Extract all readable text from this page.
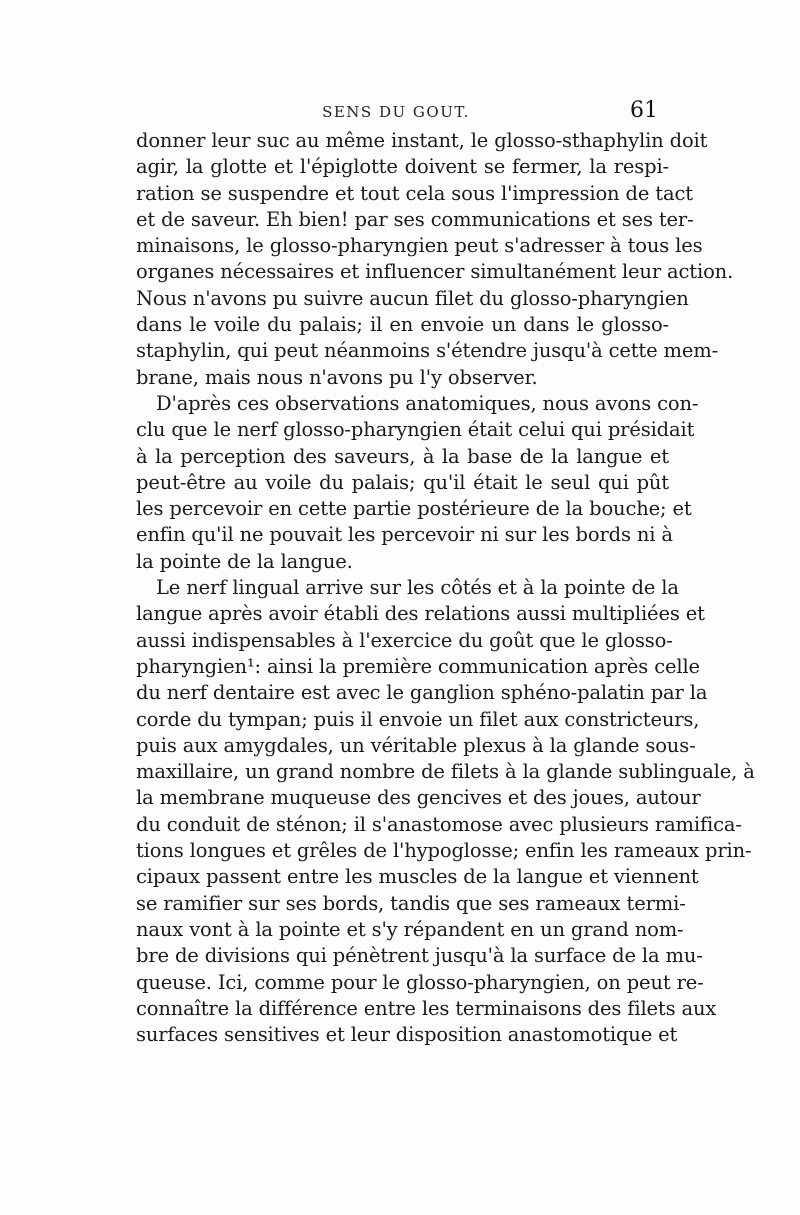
SENS DU GOUT.	61
donner leur suc au même instant, le glosso-sthaphylin doit
agir, la glotte et l'épiglotte doivent se fermer, la respi-
ration se suspendre et tout cela sous l'impression de tact
et de saveur. Eh bien! par ses communications et ses ter-
minaisons, le glosso-pharyngien peut s'adresser à tous les
organes nécessaires et influencer simultanément leur action.
Nous n'avons pu suivre aucun filet du glosso-pharyngien
dans le voile du palais; il en envoie un dans le glosso-
staphylin, qui peut néanmoins s'étendre jusqu'à cette mem-
brane, mais nous n'avons pu l'y observer.
D'après ces observations anatomiques, nous avons con-
clu que le nerf glosso-pharyngien était celui qui présidait
à la perception des saveurs, à la base de la langue et
peut-être au voile du palais; qu'il était le seul qui pût
les percevoir en cette partie postérieure de la bouche; et
enfin qu'il ne pouvait les percevoir ni sur les bords ni à
la pointe de la langue.
Le nerf lingual arrive sur les côtés et à la pointe de la
langue après avoir établi des relations aussi multipliées et
aussi indispensables à l'exercice du goût que le glosso-
pharyngien¹: ainsi la première communication après celle
du nerf dentaire est avec le ganglion sphéno-palatin par la
corde du tympan; puis il envoie un filet aux constricteurs,
puis aux amygdales, un véritable plexus à la glande sous-
maxillaire, un grand nombre de filets à la glande sublinguale, à
la membrane muqueuse des gencives et des joues, autour
du conduit de sténon; il s'anastomose avec plusieurs ramifica-
tions longues et grêles de l'hypoglosse; enfin les rameaux prin-
cipaux passent entre les muscles de la langue et viennent
se ramifier sur ses bords, tandis que ses rameaux termi-
naux vont à la pointe et s'y répandent en un grand nom-
bre de divisions qui pénètrent jusqu'à la surface de la mu-
queuse. Ici, comme pour le glosso-pharyngien, on peut re-
connaître la différence entre les terminaisons des filets aux
surfaces sensitives et leur disposition anastomotique et
